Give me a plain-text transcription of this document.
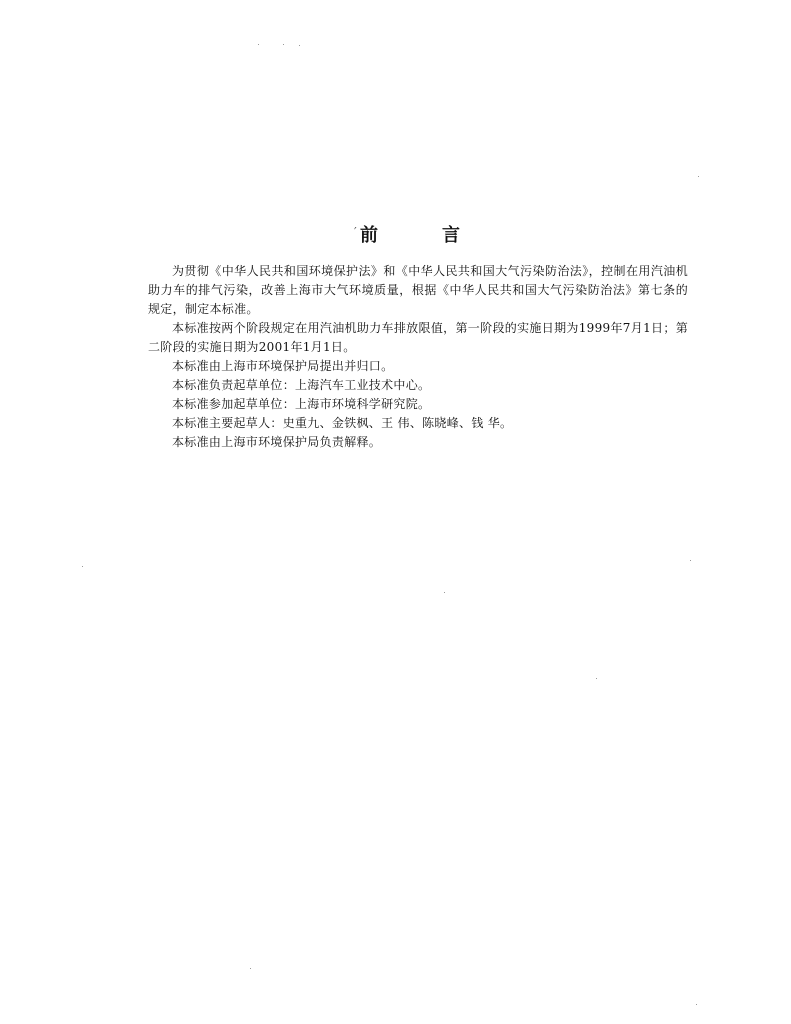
′ 前	言

为贯彻《中华人民共和国环境保护法》和《中华人民共和国大气污染防治法》，控制在用汽油机助力车的排气污染，改善上海市大气环境质量，根据《中华人民共和国大气污染防治法》第七条的规定，制定本标准。

本标准按两个阶段规定在用汽油机助力车排放限值，第一阶段的实施日期为1999年7月1日；第二阶段的实施日期为2001年1月1日。

本标准由上海市环境保护局提出并归口。

本标准负责起草单位：上海汽车工业技术中心。

本标准参加起草单位：上海市环境科学研究院。

本标准主要起草人：史重九、金铁枫、王 伟、陈晓峰、钱 华。

本标准由上海市环境保护局负责解释。
